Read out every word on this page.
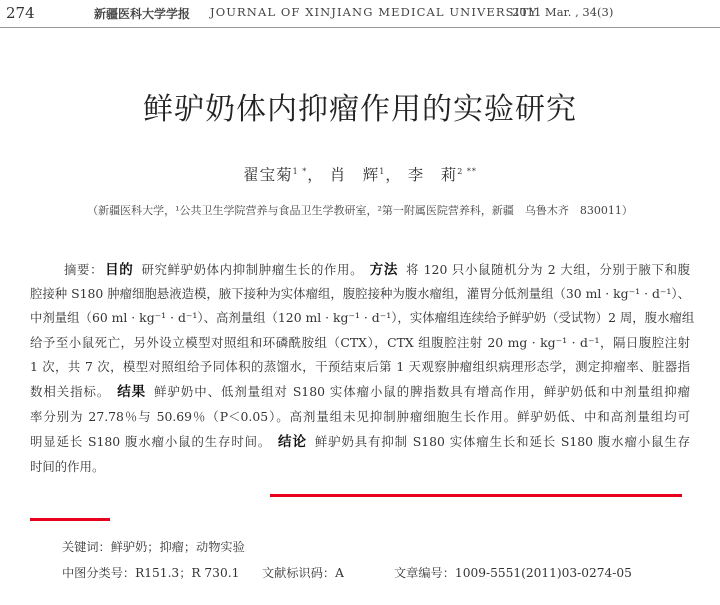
274	新疆医科大学学报 JOURNAL OF XINJIANG MEDICAL UNIVERSITY
2011 Mar. , 34(3)
鲜驴奶体内抑瘤作用的实验研究
翟宝菊$^{1 *}$， 肖　辉$^1$， 李　莉$^{2 **}$
（新疆医科大学，¹公共卫生学院营养与食品卫生学教研室，²第一附属医院营养科，新疆　乌鲁木齐　830011）
摘要： 目的 研究鲜驴奶体内抑制肿瘤生长的作用。 方法 将 120 只小鼠随机分为 2 大组，分别于腋下和腹
腔接种 S180 肿瘤细胞悬液造模，腋下接种为实体瘤组，腹腔接种为腹水瘤组，灌胃分低剂量组（30 ml · kg⁻¹ · d⁻¹）、
中剂量组（60 ml · kg⁻¹ · d⁻¹）、高剂量组（120 ml · kg⁻¹ · d⁻¹），实体瘤组连续给予鲜驴奶（受试物）2 周，腹水瘤组
给予至小鼠死亡，另外设立模型对照组和环磷酰胺组（CTX），CTX 组腹腔注射 20 mg · kg⁻¹ · d⁻¹，隔日腹腔注射
1 次，共 7 次，模型对照组给予同体积的蒸馏水，干预结束后第 1 天观察肿瘤组织病理形态学，测定抑瘤率、脏器指
数相关指标。 结果 鲜驴奶中、低剂量组对 S180 实体瘤小鼠的脾指数具有增高作用，鲜驴奶低和中剂量组抑瘤
率分别为 27.78％与 50.69％（P＜0.05）。高剂量组未见抑制肿瘤细胞生长作用。鲜驴奶低、中和高剂量组均可
明显延长 S180 腹水瘤小鼠的生存时间。 结论 鲜驴奶具有抑制 S180 实体瘤生长和延长 S180 腹水瘤小鼠生存
时间的作用。
关键词：鲜驴奶；抑瘤；动物实验
中图分类号：R151.3；R 730.1 文献标识码：A	文章编号：1009-5551(2011)03-0274-05
